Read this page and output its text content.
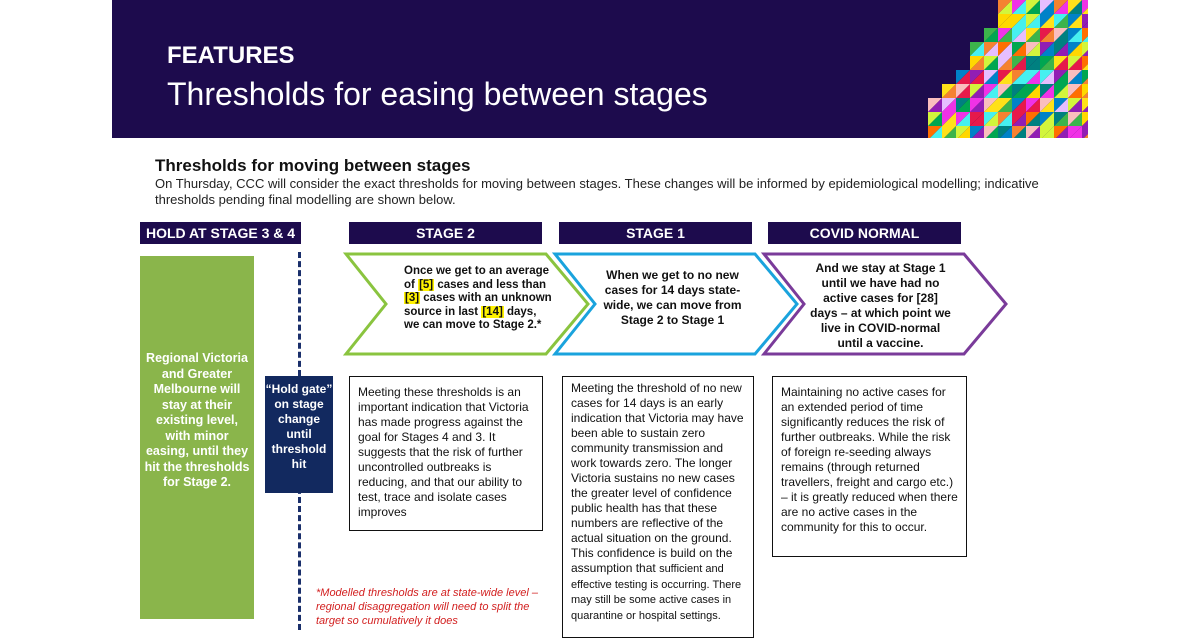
FEATURES
Thresholds for easing between stages
Thresholds for moving between stages
On Thursday, CCC will consider the exact thresholds for moving between stages. These changes will be informed by epidemiological modelling; indicative thresholds pending final modelling are shown below.
HOLD AT STAGE 3 & 4	STAGE 2	STAGE 1	COVID NORMAL
Regional Victoria and Greater Melbourne will stay at their existing level, with minor easing, until they hit the thresholds for Stage 2.
“Hold gate” on stage change until threshold hit
Once we get to an average of [5] cases and less than [3] cases with an unknown source in last [14] days, we can move to Stage 2.*
When we get to no new cases for 14 days state-wide, we can move from Stage 2 to Stage 1
And we stay at Stage 1 until we have had no active cases for [28] days – at which point we live in COVID-normal until a vaccine.
Meeting these thresholds is an important indication that Victoria has made progress against the goal for Stages 4 and 3. It suggests that the risk of further uncontrolled outbreaks is reducing, and that our ability to test, trace and isolate cases improves
Meeting the threshold of no new cases for 14 days is an early indication that Victoria may have been able to sustain zero community transmission and work towards zero. The longer Victoria sustains no new cases the greater level of confidence public health has that these numbers are reflective of the actual situation on the ground. This confidence is build on the assumption that sufficient and effective testing is occurring. There may still be some active cases in quarantine or hospital settings.
Maintaining no active cases for an extended period of time significantly reduces the risk of further outbreaks. While the risk of foreign re-seeding always remains (through returned travellers, freight and cargo etc.) – it is greatly reduced when there are no active cases in the community for this to occur.
*Modelled thresholds are at state-wide level – regional disaggregation will need to split the target so cumulatively it does
